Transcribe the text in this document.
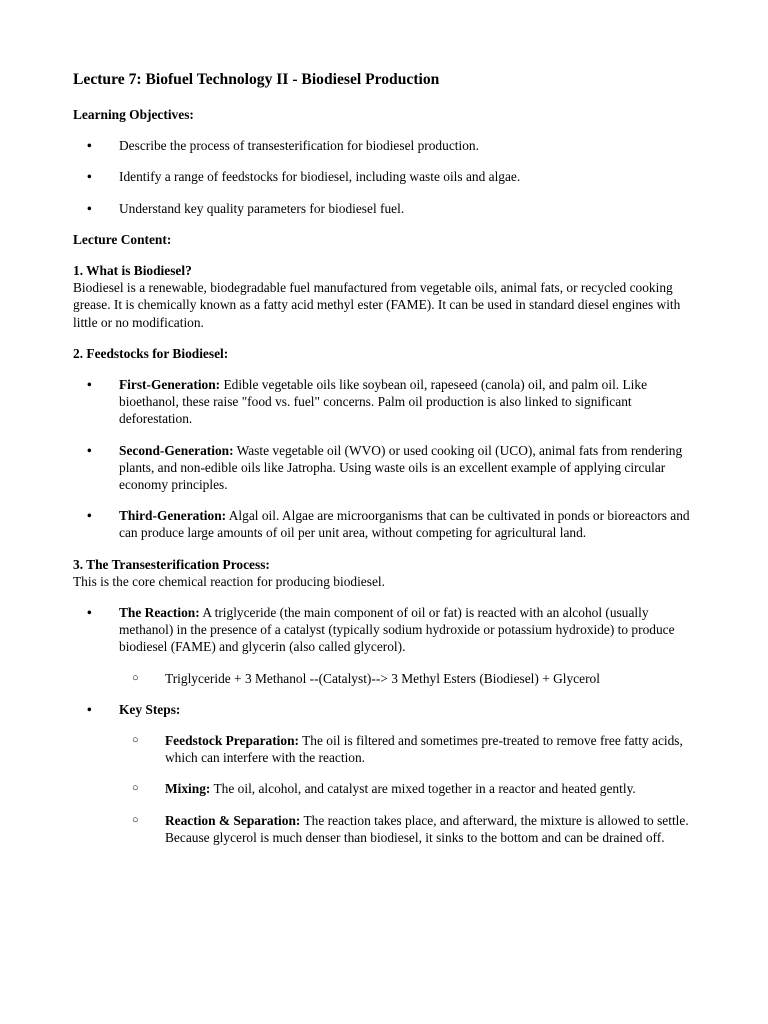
Lecture 7: Biofuel Technology II - Biodiesel Production

Learning Objectives:

• Describe the process of transesterification for biodiesel production.
• Identify a range of feedstocks for biodiesel, including waste oils and algae.
• Understand key quality parameters for biodiesel fuel.

Lecture Content:

1. What is Biodiesel?

Biodiesel is a renewable, biodegradable fuel manufactured from vegetable oils, animal fats, or recycled cooking grease. It is chemically known as a fatty acid methyl ester (FAME). It can be used in standard diesel engines with little or no modification.

2. Feedstocks for Biodiesel:

• First-Generation: Edible vegetable oils like soybean oil, rapeseed (canola) oil, and palm oil. Like bioethanol, these raise "food vs. fuel" concerns. Palm oil production is also linked to significant deforestation.
• Second-Generation: Waste vegetable oil (WVO) or used cooking oil (UCO), animal fats from rendering plants, and non-edible oils like Jatropha. Using waste oils is an excellent example of applying circular economy principles.
• Third-Generation: Algal oil. Algae are microorganisms that can be cultivated in ponds or bioreactors and can produce large amounts of oil per unit area, without competing for agricultural land.

3. The Transesterification Process:

This is the core chemical reaction for producing biodiesel.

• The Reaction: A triglyceride (the main component of oil or fat) is reacted with an alcohol (usually methanol) in the presence of a catalyst (typically sodium hydroxide or potassium hydroxide) to produce biodiesel (FAME) and glycerin (also called glycerol).
○ Triglyceride + 3 Methanol --(Catalyst)--> 3 Methyl Esters (Biodiesel) + Glycerol
• Key Steps:
○ Feedstock Preparation: The oil is filtered and sometimes pre-treated to remove free fatty acids, which can interfere with the reaction.
○ Mixing: The oil, alcohol, and catalyst are mixed together in a reactor and heated gently.
○ Reaction & Separation: The reaction takes place, and afterward, the mixture is allowed to settle. Because glycerol is much denser than biodiesel, it sinks to the bottom and can be drained off.
